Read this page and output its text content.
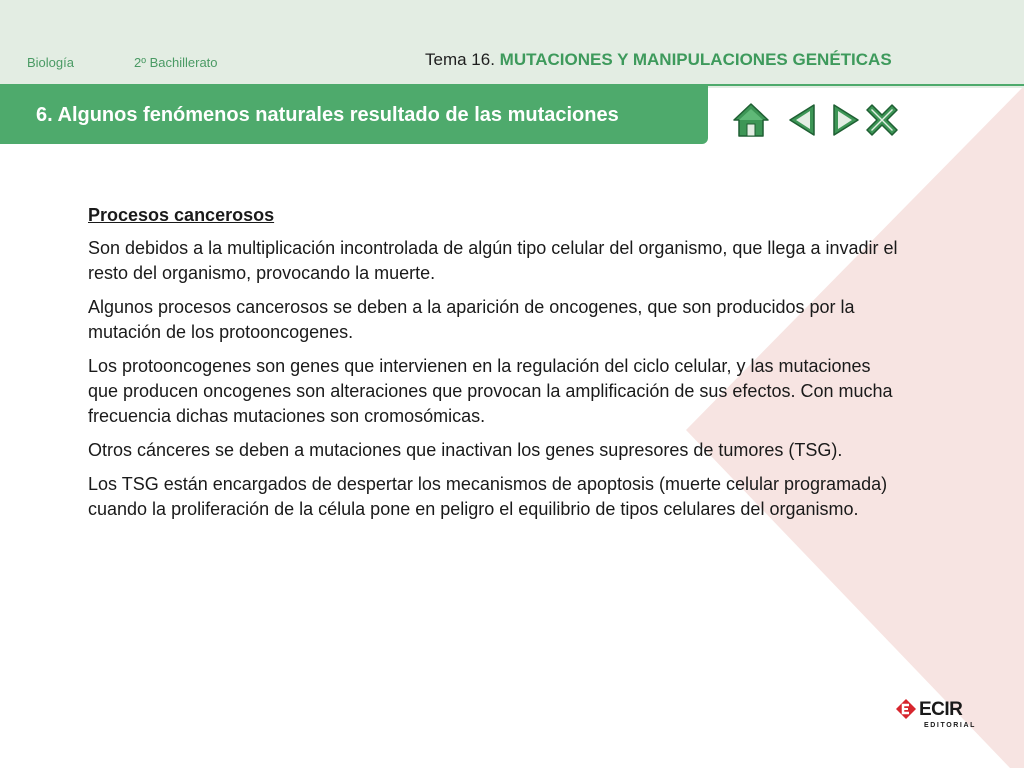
Biología	2º Bachillerato	Tema 16. MUTACIONES Y MANIPULACIONES GENÉTICAS
6. Algunos fenómenos naturales resultado de las mutaciones
Procesos cancerosos

Son debidos a la multiplicación incontrolada de algún tipo celular del organismo, que llega a invadir el resto del organismo, provocando la muerte.

Algunos procesos cancerosos se deben a la aparición de oncogenes, que son producidos por la mutación de los protooncogenes.

Los protooncogenes son genes que intervienen en la regulación del ciclo celular, y las mutaciones que producen oncogenes son alteraciones que provocan la amplificación de sus efectos. Con mucha frecuencia dichas mutaciones son cromosómicas.

Otros cánceres se deben a mutaciones que inactivan los genes supresores de tumores (TSG).

Los TSG están encargados de despertar los mecanismos de apoptosis (muerte celular programada) cuando la proliferación de la célula pone en peligro el equilibrio de tipos celulares del organismo.

ECIR
EDITORIAL
